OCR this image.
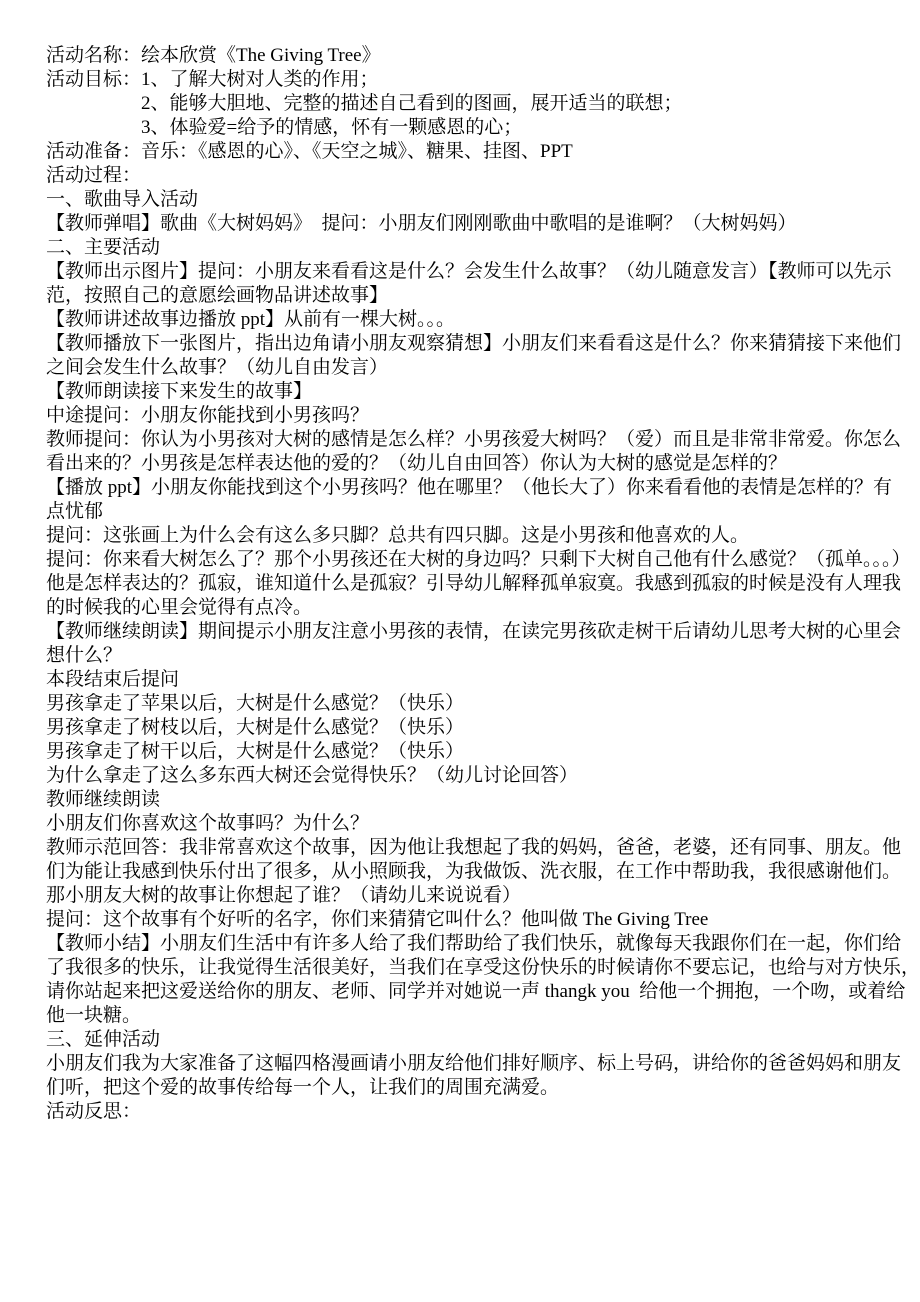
活动名称：绘本欣赏《The Giving Tree》
活动目标：1、了解大树对人类的作用；
2、能够大胆地、完整的描述自己看到的图画，展开适当的联想；
3、体验爱=给予的情感，怀有一颗感恩的心；
活动准备：音乐：《感恩的心》、《天空之城》、糖果、挂图、PPT
活动过程：
一、歌曲导入活动
【教师弹唱】歌曲《大树妈妈》　提问：小朋友们刚刚歌曲中歌唱的是谁啊？（大树妈妈）
二、主要活动
【教师出示图片】提问：小朋友来看看这是什么？会发生什么故事？（幼儿随意发言）【教师可以先示
范，按照自己的意愿绘画物品讲述故事】
【教师讲述故事边播放 ppt】从前有一棵大树。。。
【教师播放下一张图片，指出边角请小朋友观察猜想】小朋友们来看看这是什么？你来猜猜接下来他们
之间会发生什么故事？（幼儿自由发言）
【教师朗读接下来发生的故事】
中途提问：小朋友你能找到小男孩吗？
教师提问：你认为小男孩对大树的感情是怎么样？小男孩爱大树吗？（爱）而且是非常非常爱。你怎么
看出来的？小男孩是怎样表达他的爱的？（幼儿自由回答）你认为大树的感觉是怎样的？
【播放 ppt】小朋友你能找到这个小男孩吗？他在哪里？（他长大了）你来看看他的表情是怎样的？有
点忧郁
提问：这张画上为什么会有这么多只脚？总共有四只脚。这是小男孩和他喜欢的人。
提问：你来看大树怎么了？那个小男孩还在大树的身边吗？只剩下大树自己他有什么感觉？（孤单。。。）
他是怎样表达的？孤寂，谁知道什么是孤寂？引导幼儿解释孤单寂寞。我感到孤寂的时候是没有人理我
的时候我的心里会觉得有点冷。
【教师继续朗读】期间提示小朋友注意小男孩的表情，在读完男孩砍走树干后请幼儿思考大树的心里会
想什么？
本段结束后提问
男孩拿走了苹果以后，大树是什么感觉？（快乐）
男孩拿走了树枝以后，大树是什么感觉？（快乐）
男孩拿走了树干以后，大树是什么感觉？（快乐）
为什么拿走了这么多东西大树还会觉得快乐？（幼儿讨论回答）
教师继续朗读
小朋友们你喜欢这个故事吗？为什么？
教师示范回答：我非常喜欢这个故事，因为他让我想起了我的妈妈，爸爸，老婆，还有同事、朋友。他
们为能让我感到快乐付出了很多，从小照顾我，为我做饭、洗衣服，在工作中帮助我，我很感谢他们。
那小朋友大树的故事让你想起了谁？（请幼儿来说说看）
提问：这个故事有个好听的名字，你们来猜猜它叫什么？他叫做 The Giving Tree
【教师小结】小朋友们生活中有许多人给了我们帮助给了我们快乐，就像每天我跟你们在一起，你们给
了我很多的快乐，让我觉得生活很美好，当我们在享受这份快乐的时候请你不要忘记，也给与对方快乐，
请你站起来把这爱送给你的朋友、老师、同学并对她说一声 thangk you  给他一个拥抱，一个吻，或着给
他一块糖。
三、延伸活动
小朋友们我为大家准备了这幅四格漫画请小朋友给他们排好顺序、标上号码，讲给你的爸爸妈妈和朋友
们听，把这个爱的故事传给每一个人，让我们的周围充满爱。
活动反思：
